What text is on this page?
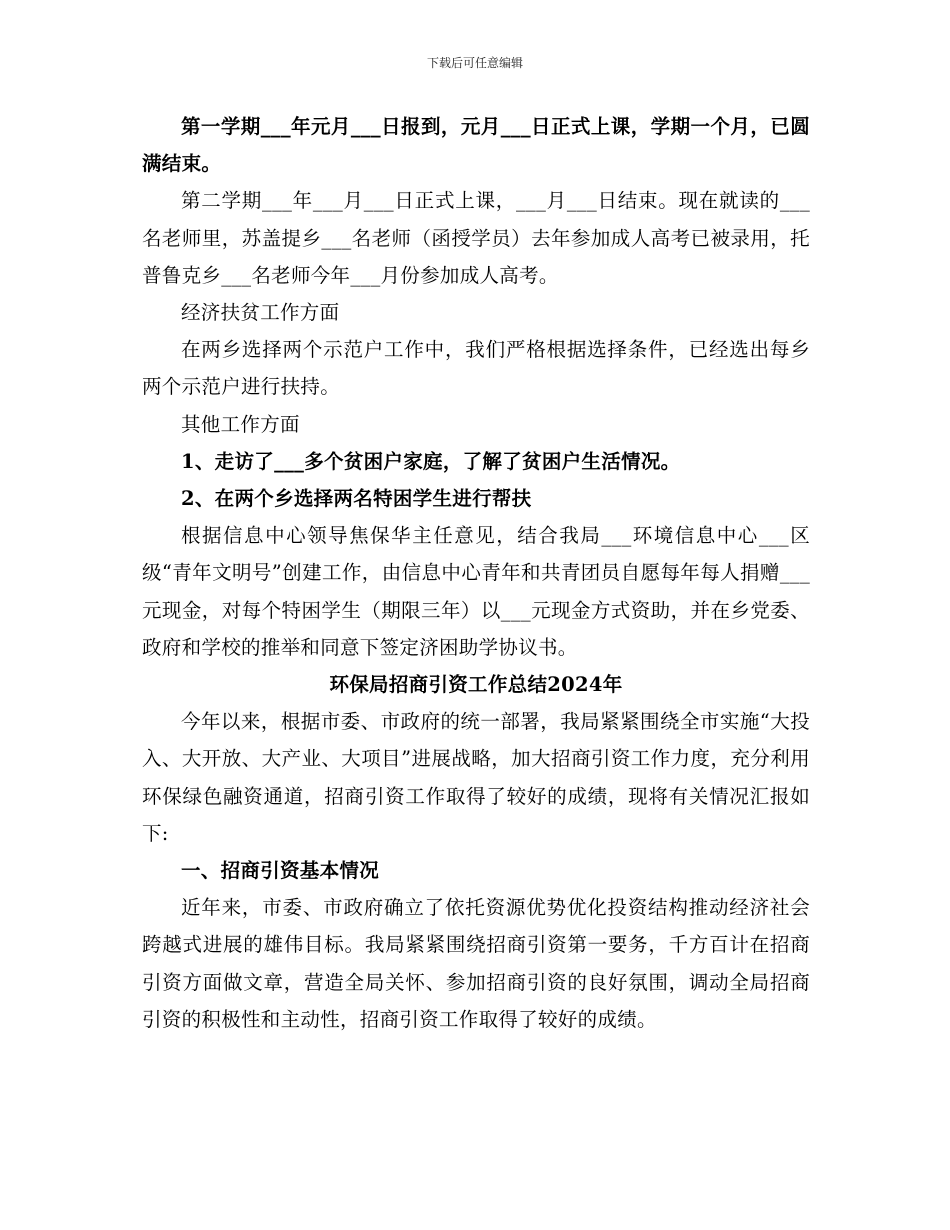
下载后可任意编辑

第一学期___年元月___日报到，元月___日正式上课，学期一个月，已圆满结束。

第二学期___年___月___日正式上课，___月___日结束。现在就读的___名老师里，苏盖提乡___名老师（函授学员）去年参加成人高考已被录用，托普鲁克乡___名老师今年___月份参加成人高考。

经济扶贫工作方面

在两乡选择两个示范户工作中，我们严格根据选择条件，已经选出每乡两个示范户进行扶持。

其他工作方面

1、走访了___多个贫困户家庭，了解了贫困户生活情况。

2、在两个乡选择两名特困学生进行帮扶

根据信息中心领导焦保华主任意见，结合我局___环境信息中心___区级“青年文明号”创建工作，由信息中心青年和共青团员自愿每年每人捐赠___元现金，对每个特困学生（期限三年）以___元现金方式资助，并在乡党委、政府和学校的推举和同意下签定济困助学协议书。

环保局招商引资工作总结2024年

今年以来，根据市委、市政府的统一部署，我局紧紧围绕全市实施“大投入、大开放、大产业、大项目”进展战略，加大招商引资工作力度，充分利用环保绿色融资通道，招商引资工作取得了较好的成绩，现将有关情况汇报如下:

一、招商引资基本情况

近年来，市委、市政府确立了依托资源优势优化投资结构推动经济社会跨越式进展的雄伟目标。我局紧紧围绕招商引资第一要务，千方百计在招商引资方面做文章，营造全局关怀、参加招商引资的良好氛围，调动全局招商引资的积极性和主动性，招商引资工作取得了较好的成绩。
